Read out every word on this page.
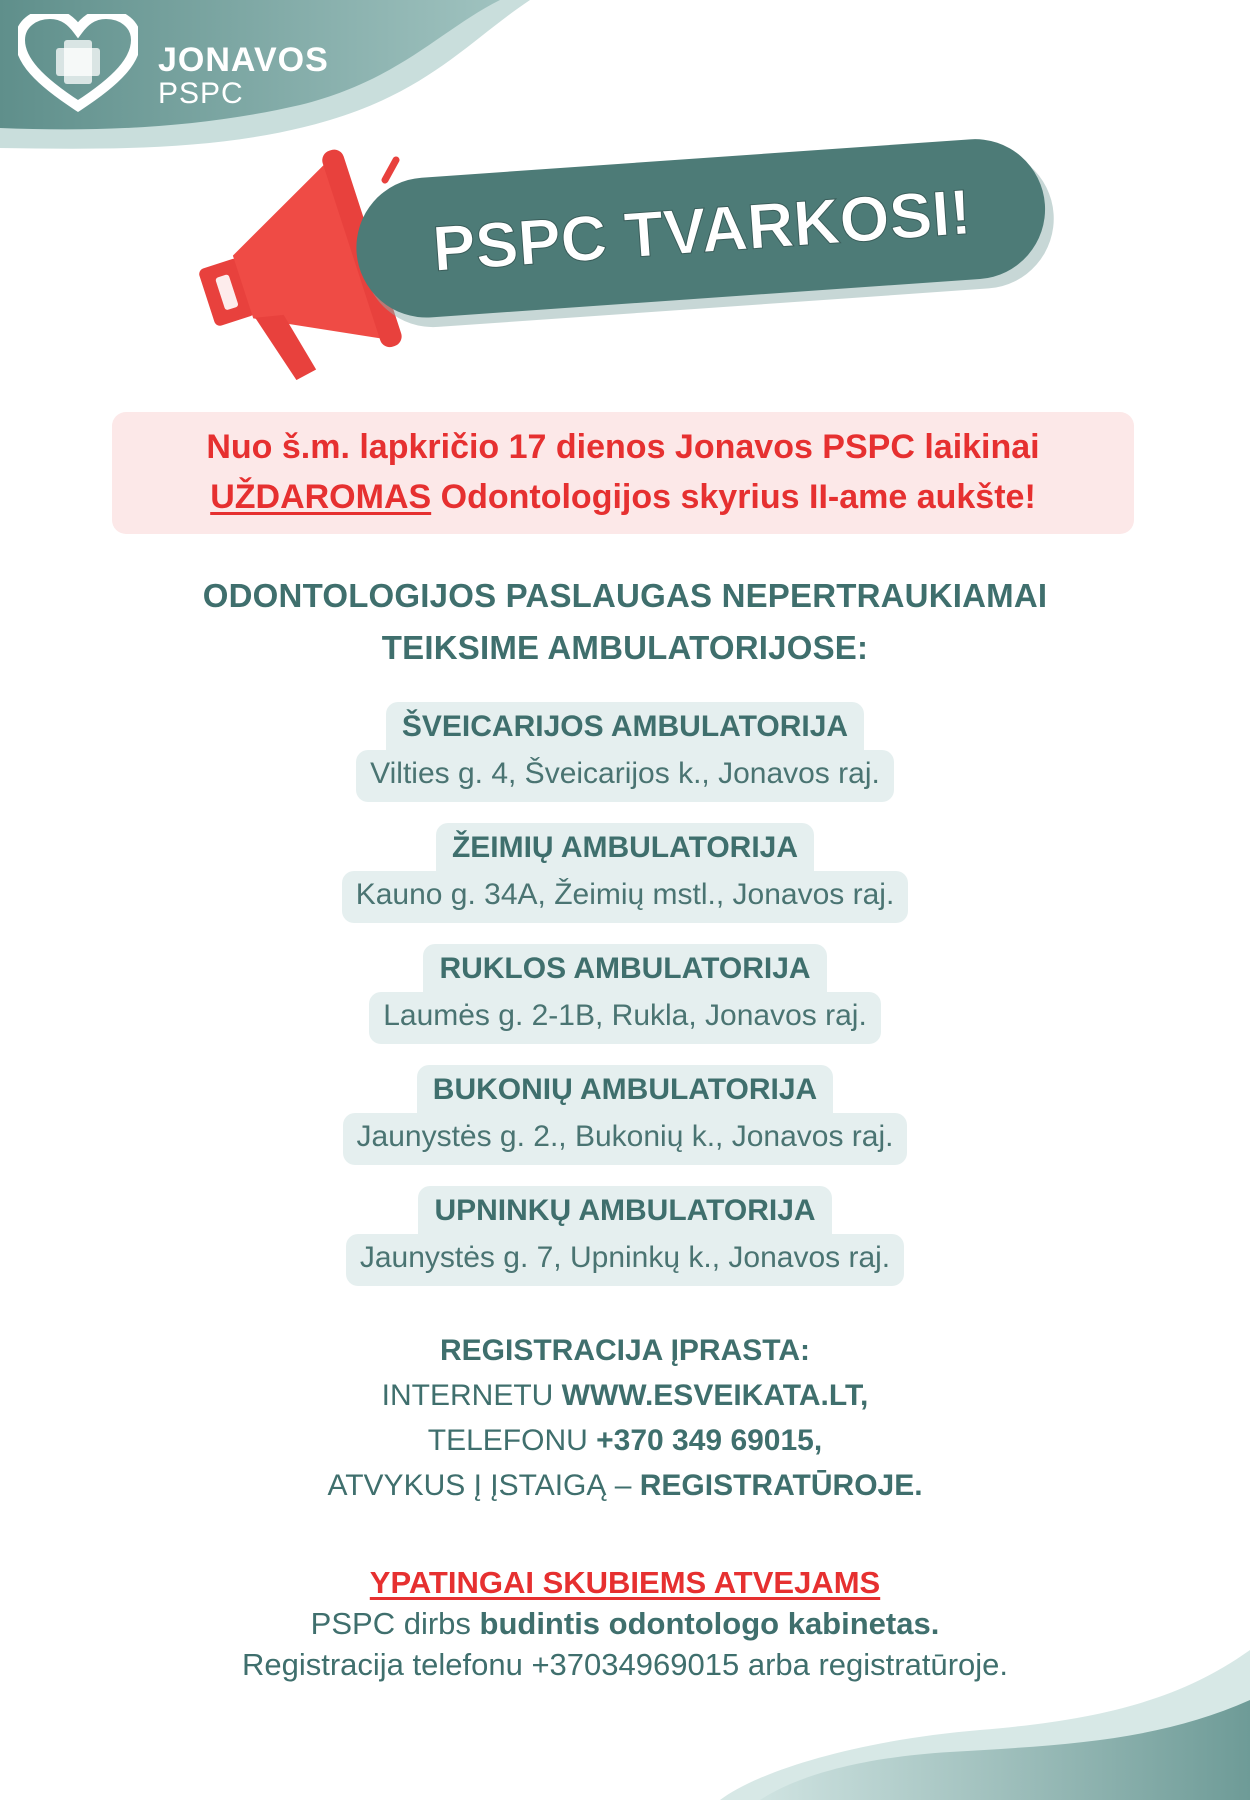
JONAVOS
PSPC
PSPC TVARKOSI!
Nuo š.m. lapkričio 17 dienos Jonavos PSPC laikinai
UŽDAROMAS Odontologijos skyrius II-ame aukšte!
ODONTOLOGIJOS PASLAUGAS NEPERTRAUKIAMAI
TEIKSIME AMBULATORIJOSE:
ŠVEICARIJOS AMBULATORIJA
Vilties g. 4, Šveicarijos k., Jonavos raj.
ŽEIMIŲ AMBULATORIJA
Kauno g. 34A, Žeimių mstl., Jonavos raj.
RUKLOS AMBULATORIJA
Laumės g. 2-1B, Rukla, Jonavos raj.
BUKONIŲ AMBULATORIJA
Jaunystės g. 2., Bukonių k., Jonavos raj.
UPNINKŲ AMBULATORIJA
Jaunystės g. 7, Upninkų k., Jonavos raj.
REGISTRACIJA ĮPRASTA:
INTERNETU WWW.ESVEIKATA.LT,
TELEFONU +370 349 69015,
ATVYKUS Į ĮSTAIGĄ – REGISTRATŪROJE.
YPATINGAI SKUBIEMS ATVEJAMS
PSPC dirbs budintis odontologo kabinetas.
Registracija telefonu +37034969015 arba registratūroje.
